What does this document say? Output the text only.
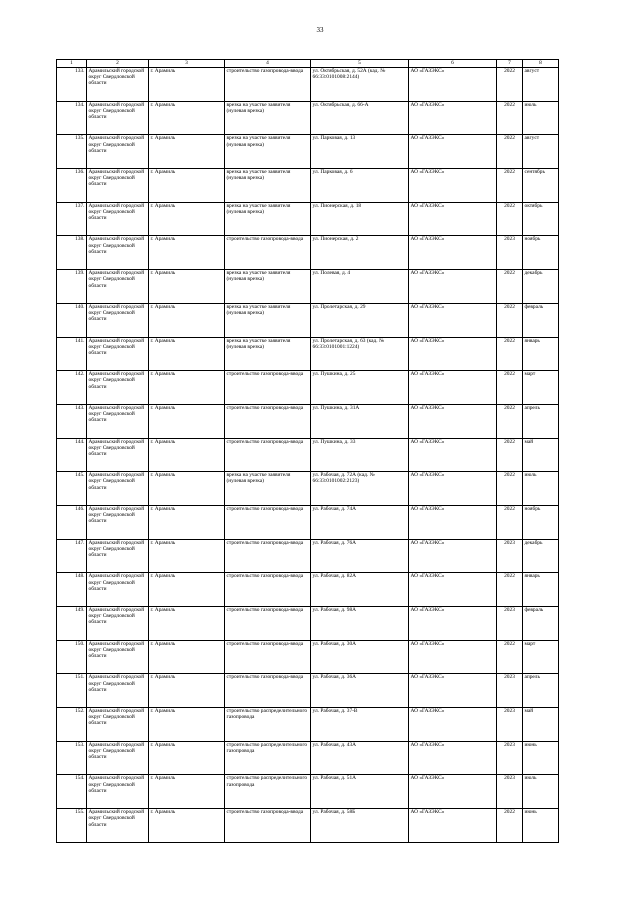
33
1	2	3	4	5	6	7	8
133.	Арамильский городской округ Свердловской области	г. Арамиль	строительство газопровода-ввода	ул. Октябрьская, д. 52А (кад. № 66:33:0101008:2144)	АО «ГАЗЭКС»	2022	август
134.	Арамильский городской округ Свердловской области	г. Арамиль	врезка на участке заявителя (нулевая врезка)	ул. Октябрьская, д. 66-А	АО «ГАЗЭКС»	2022	июль
135.	Арамильский городской округ Свердловской области	г. Арамиль	врезка на участке заявителя (нулевая врезка)	ул. Парковая, д. 13	АО «ГАЗЭКС»	2022	август
136.	Арамильский городской округ Свердловской области	г. Арамиль	врезка на участке заявителя (нулевая врезка)	ул. Парковая, д. 6	АО «ГАЗЭКС»	2022	сентябрь
137.	Арамильский городской округ Свердловской области	г. Арамиль	врезка на участке заявителя (нулевая врезка)	ул. Пионерская, д. 18	АО «ГАЗЭКС»	2022	октябрь
138.	Арамильский городской округ Свердловской области	г. Арамиль	строительство газопровода-ввода	ул. Пионерская, д. 2	АО «ГАЗЭКС»	2023	ноябрь
139.	Арамильский городской округ Свердловской области	г. Арамиль	врезка на участке заявителя (нулевая врезка)	ул. Полевая, д. 4	АО «ГАЗЭКС»	2022	декабрь
140.	Арамильский городской округ Свердловской области	г. Арамиль	врезка на участке заявителя (нулевая врезка)	ул. Пролетарская, д. 29	АО «ГАЗЭКС»	2022	февраль
141.	Арамильский городской округ Свердловской области	г. Арамиль	врезка на участке заявителя (нулевая врезка)	ул. Пролетарская, д. 63 (кад. № 66:33:0101001:1224)	АО «ГАЗЭКС»	2022	январь
142.	Арамильский городской округ Свердловской области	г. Арамиль	строительство газопровода-ввода	ул. Пушкина, д. 25	АО «ГАЗЭКС»	2022	март
143.	Арамильский городской округ Свердловской области	г. Арамиль	строительство газопровода-ввода	ул. Пушкина, д. 31А	АО «ГАЗЭКС»	2022	апрель
144.	Арамильский городской округ Свердловской области	г. Арамиль	строительство газопровода-ввода	ул. Пушкина, д. 33	АО «ГАЗЭКС»	2022	май
145.	Арамильский городской округ Свердловской области	г. Арамиль	врезка на участке заявителя (нулевая врезка)	ул. Рабочая, д. 72А (кад. № 66:33:0101002:2123)	АО «ГАЗЭКС»	2022	июль
146.	Арамильский городской округ Свердловской области	г. Арамиль	строительство газопровода-ввода	ул. Рабочая, д. 74А	АО «ГАЗЭКС»	2022	ноябрь
147.	Арамильский городской округ Свердловской области	г. Арамиль	строительство газопровода-ввода	ул. Рабочая, д. 76А	АО «ГАЗЭКС»	2023	декабрь
148.	Арамильский городской округ Свердловской области	г. Арамиль	строительство газопровода-ввода	ул. Рабочая, д. 82А	АО «ГАЗЭКС»	2022	январь
149.	Арамильский городской округ Свердловской области	г. Арамиль	строительство газопровода-ввода	ул. Рабочая, д. 98А	АО «ГАЗЭКС»	2023	февраль
150.	Арамильский городской округ Свердловской области	г. Арамиль	строительство газопровода-ввода	ул. Рабочая, д. 30А	АО «ГАЗЭКС»	2022	март
151.	Арамильский городской округ Свердловской области	г. Арамиль	строительство газопровода-ввода	ул. Рабочая, д. 36А	АО «ГАЗЭКС»	2023	апрель
152.	Арамильский городской округ Свердловской области	г. Арамиль	строительство распределительного газопровода	ул. Рабочая, д. 37-В	АО «ГАЗЭКС»	2023	май
153.	Арамильский городской округ Свердловской области	г. Арамиль	строительство распределительного газопровода	ул. Рабочая, д. 43А	АО «ГАЗЭКС»	2023	июнь
154.	Арамильский городской округ Свердловской области	г. Арамиль	строительство распределительного газопровода	ул. Рабочая, д. 51А	АО «ГАЗЭКС»	2023	июль
155.	Арамильский городской округ Свердловской области	г. Арамиль	строительство газопровода-ввода	ул. Рабочая, д. 58Б	АО «ГАЗЭКС»	2022	июнь
